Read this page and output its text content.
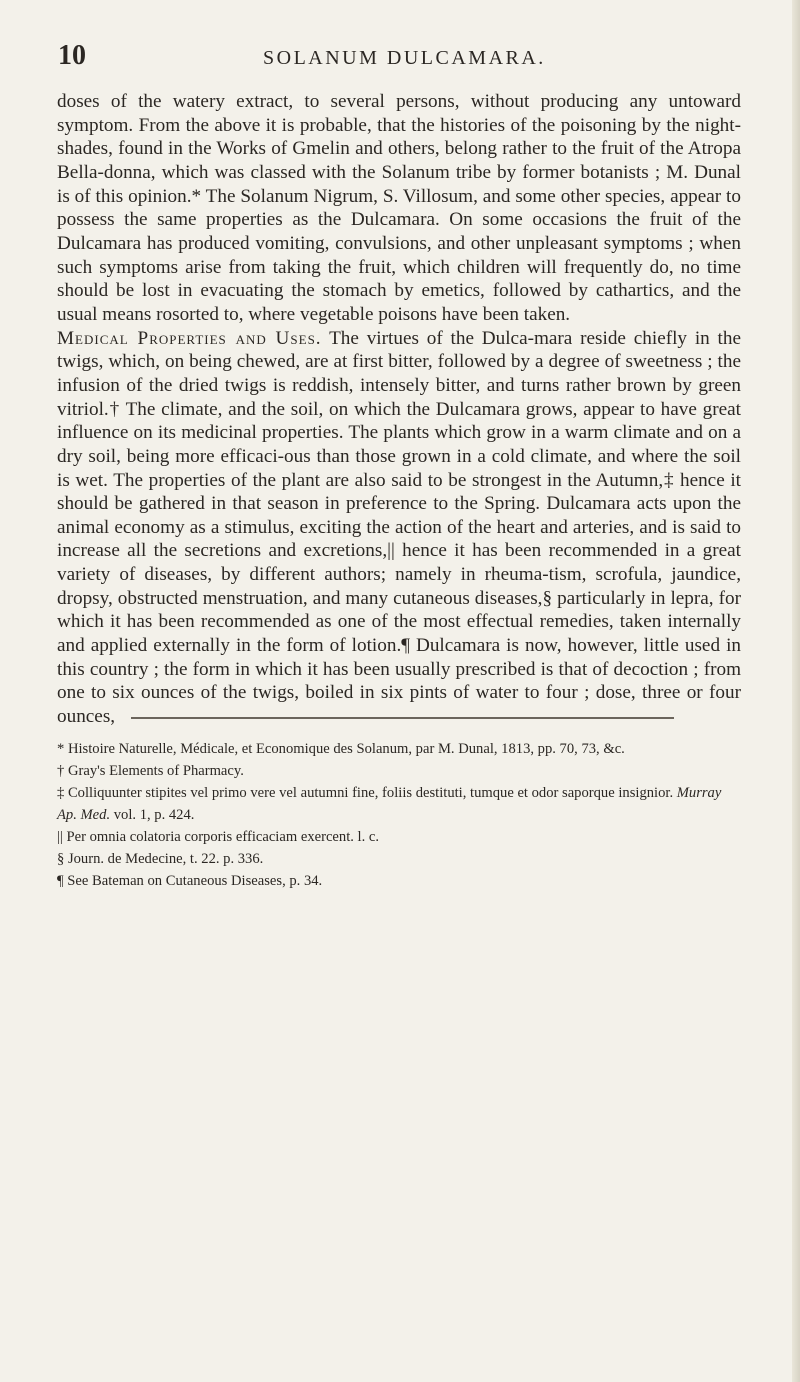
10	SOLANUM DULCAMARA.

doses of the watery extract, to several persons, without producing any untoward symptom. From the above it is probable, that the histories of the poisoning by the night-shades, found in the Works of Gmelin and others, belong rather to the fruit of the Atropa Bella-donna, which was classed with the Solanum tribe by former botanists ; M. Dunal is of this opinion.* The Solanum Nigrum, S. Villosum, and some other species, appear to possess the same properties as the Dulcamara. On some occasions the fruit of the Dulcamara has produced vomiting, convulsions, and other unpleasant symptoms ; when such symptoms arise from taking the fruit, which children will frequently do, no time should be lost in evacuating the stomach by emetics, followed by cathartics, and the usual means rosorted to, where vegetable poisons have been taken.

Medical Properties and Uses. The virtues of the Dulca-mara reside chiefly in the twigs, which, on being chewed, are at first bitter, followed by a degree of sweetness ; the infusion of the dried twigs is reddish, intensely bitter, and turns rather brown by green vitriol.† The climate, and the soil, on which the Dulcamara grows, appear to have great influence on its medicinal properties. The plants which grow in a warm climate and on a dry soil, being more efficaci-ous than those grown in a cold climate, and where the soil is wet. The properties of the plant are also said to be strongest in the Autumn,‡ hence it should be gathered in that season in preference to the Spring. Dulcamara acts upon the animal economy as a stimulus, exciting the action of the heart and arteries, and is said to increase all the secretions and excretions,|| hence it has been recommended in a great variety of diseases, by different authors; namely in rheuma-tism, scrofula, jaundice, dropsy, obstructed menstruation, and many cutaneous diseases,§ particularly in lepra, for which it has been recommended as one of the most effectual remedies, taken internally and applied externally in the form of lotion.¶ Dulcamara is now, however, little used in this country ; the form in which it has been usually prescribed is that of decoction ; from one to six ounces of the twigs, boiled in six pints of water to four ; dose, three or four ounces,

* Histoire Naturelle, Médicale, et Economique des Solanum, par M. Dunal, 1813, pp. 70, 73, &c.

† Gray's Elements of Pharmacy.

‡ Colliquunter stipites vel primo vere vel autumni fine, foliis destituti, tumque et odor saporque insignior. Murray Ap. Med. vol. 1, p. 424.

|| Per omnia colatoria corporis efficaciam exercent. l. c.

§ Journ. de Medecine, t. 22. p. 336.

¶ See Bateman on Cutaneous Diseases, p. 34.
